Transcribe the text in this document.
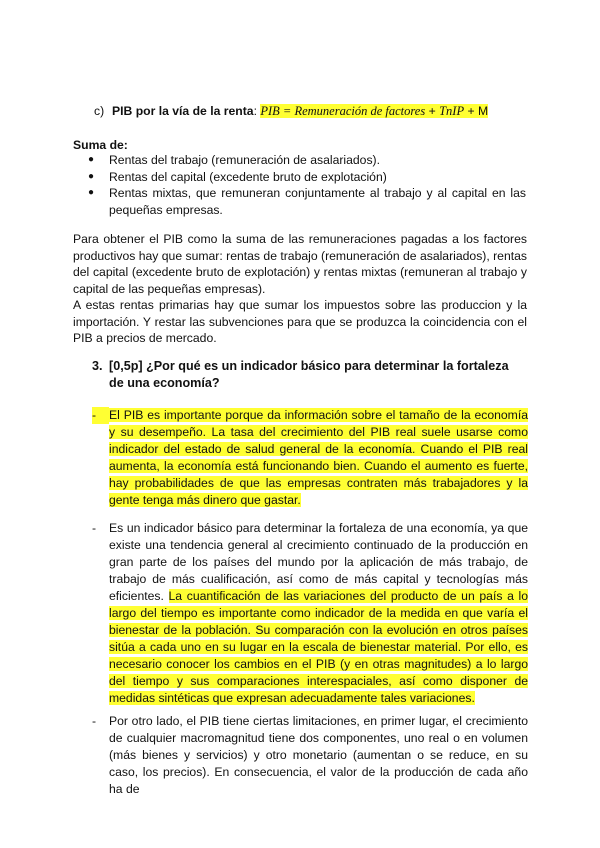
c) PIB por la vía de la renta: PIB = Remuneración de factores + TnIP + M
Suma de:
● Rentas del trabajo (remuneración de asalariados).
● Rentas del capital (excedente bruto de explotación)
● Rentas mixtas, que remuneran conjuntamente al trabajo y al capital en las pequeñas empresas.

Para obtener el PIB como la suma de las remuneraciones pagadas a los factores productivos hay que sumar: rentas de trabajo (remuneración de asalariados), rentas del capital (excedente bruto de explotación) y rentas mixtas (remuneran al trabajo y capital de las pequeñas empresas).

A estas rentas primarias hay que sumar los impuestos sobre las produccion y la importación. Y restar las subvenciones para que se produzca la coincidencia con el PIB a precios de mercado.

3. [0,5p] ¿Por qué es un indicador básico para determinar la fortaleza de una economía?
-	El PIB es importante porque da información sobre el tamaño de la economía y su desempeño. La tasa del crecimiento del PIB real suele usarse como indicador del estado de salud general de la economía. Cuando el PIB real aumenta, la economía está funcionando bien. Cuando el aumento es fuerte, hay probabilidades de que las empresas contraten más trabajadores y la gente tenga más dinero que gastar.
-	Es un indicador básico para determinar la fortaleza de una economía, ya que existe una tendencia general al crecimiento continuado de la producción en gran parte de los países del mundo por la aplicación de más trabajo, de trabajo de más cualificación, así como de más capital y tecnologías más eficientes. La cuantificación de las variaciones del producto de un país a lo largo del tiempo es importante como indicador de la medida en que varía el bienestar de la población. Su comparación con la evolución en otros países sitúa a cada uno en su lugar en la escala de bienestar material. Por ello, es necesario conocer los cambios en el PIB (y en otras magnitudes) a lo largo del tiempo y sus comparaciones interespaciales, así como disponer de medidas sintéticas que expresan adecuadamente tales variaciones.
-	Por otro lado, el PIB tiene ciertas limitaciones, en primer lugar, el crecimiento de cualquier macromagnitud tiene dos componentes, uno real o en volumen (más bienes y servicios) y otro monetario (aumentan o se reduce, en su caso, los precios). En consecuencia, el valor de la producción de cada año ha de
